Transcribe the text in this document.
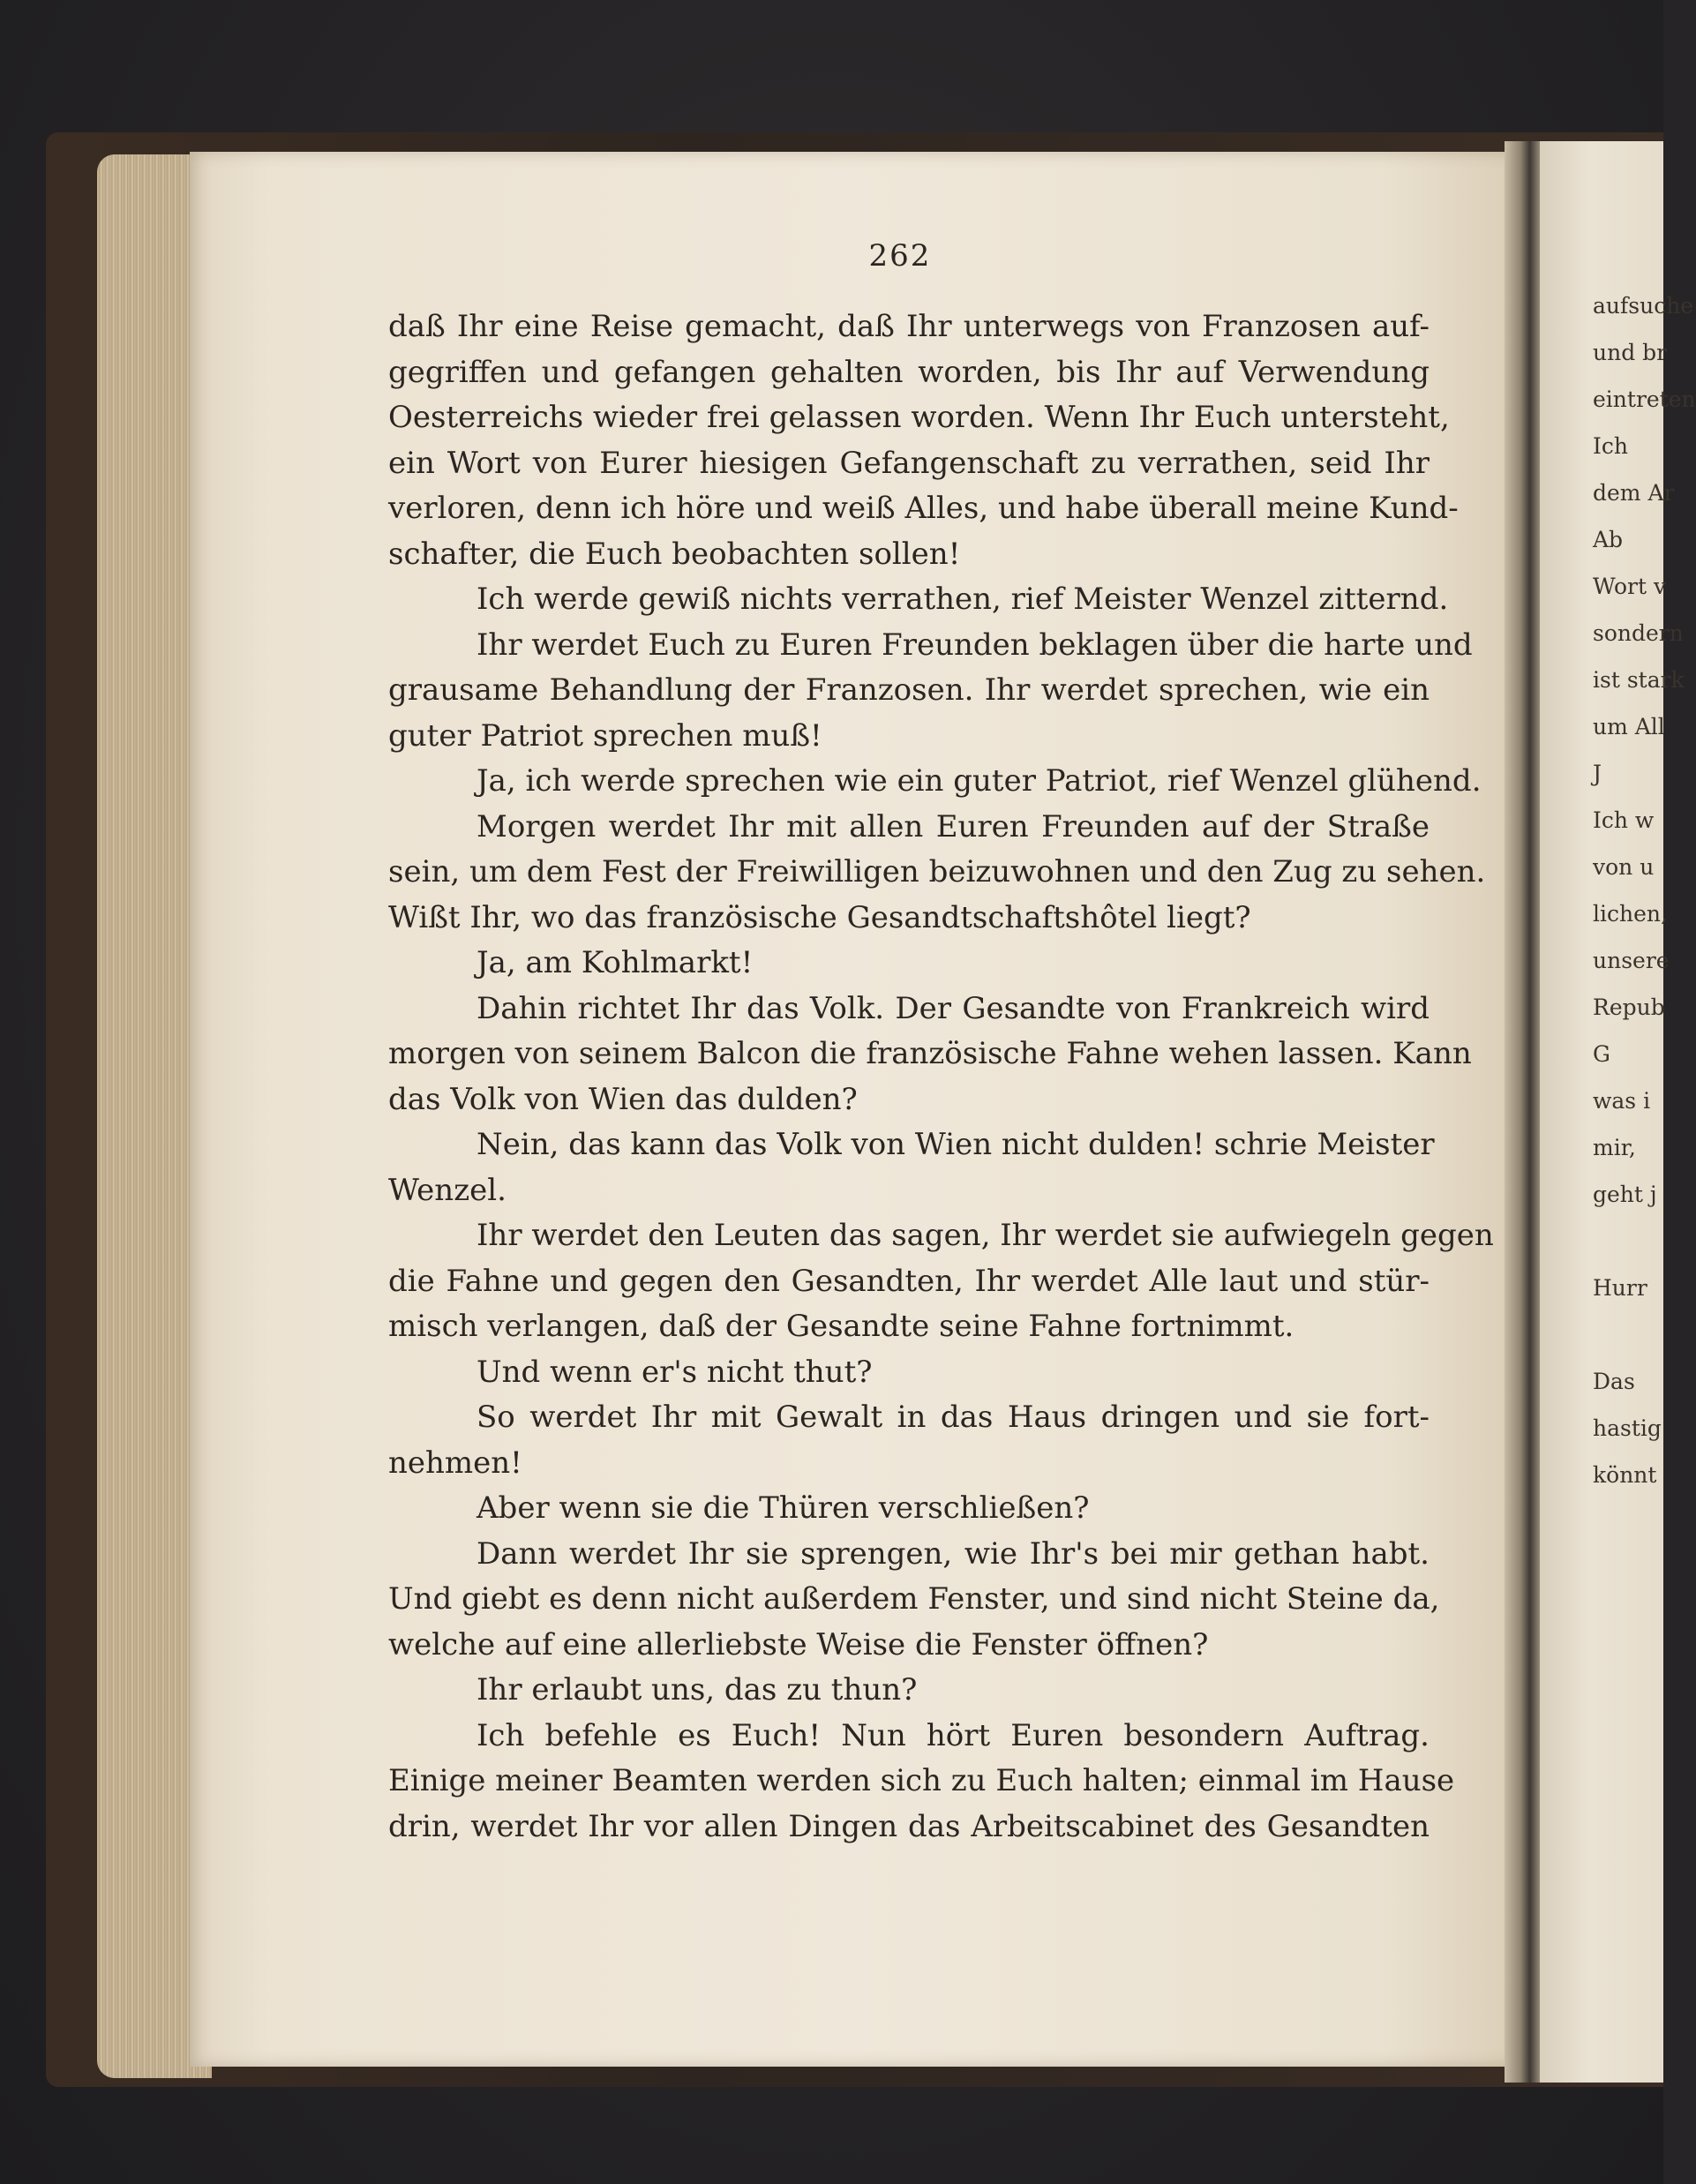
262
daß Ihr eine Reise gemacht, daß Ihr unterwegs von Franzosen auf-
gegriffen und gefangen gehalten worden, bis Ihr auf Verwendung
Oesterreichs wieder frei gelassen worden. Wenn Ihr Euch untersteht,
ein Wort von Eurer hiesigen Gefangenschaft zu verrathen, seid Ihr
verloren, denn ich höre und weiß Alles, und habe überall meine Kund-
schafter, die Euch beobachten sollen!
Ich werde gewiß nichts verrathen, rief Meister Wenzel zitternd.
Ihr werdet Euch zu Euren Freunden beklagen über die harte und
grausame Behandlung der Franzosen. Ihr werdet sprechen, wie ein
guter Patriot sprechen muß!
Ja, ich werde sprechen wie ein guter Patriot, rief Wenzel glühend.
Morgen werdet Ihr mit allen Euren Freunden auf der Straße
sein, um dem Fest der Freiwilligen beizuwohnen und den Zug zu sehen.
Wißt Ihr, wo das französische Gesandtschaftshôtel liegt?
Ja, am Kohlmarkt!
Dahin richtet Ihr das Volk. Der Gesandte von Frankreich wird
morgen von seinem Balcon die französische Fahne wehen lassen. Kann
das Volk von Wien das dulden?
Nein, das kann das Volk von Wien nicht dulden! schrie Meister
Wenzel.
Ihr werdet den Leuten das sagen, Ihr werdet sie aufwiegeln gegen
die Fahne und gegen den Gesandten, Ihr werdet Alle laut und stür-
misch verlangen, daß der Gesandte seine Fahne fortnimmt.
Und wenn er's nicht thut?
So werdet Ihr mit Gewalt in das Haus dringen und sie fort-
nehmen!
Aber wenn sie die Thüren verschließen?
Dann werdet Ihr sie sprengen, wie Ihr's bei mir gethan habt.
Und giebt es denn nicht außerdem Fenster, und sind nicht Steine da,
welche auf eine allerliebste Weise die Fenster öffnen?
Ihr erlaubt uns, das zu thun?
Ich befehle es Euch! Nun hört Euren besondern Auftrag.
Einige meiner Beamten werden sich zu Euch halten; einmal im Hause
drin, werdet Ihr vor allen Dingen das Arbeitscabinet des Gesandten
aufsuche
und br
eintreten
Ich
dem Ar
Ab
Wort v
sondern
ist stark
um All
J
Ich w
von u
lichen,
unsere
Repub
G
was i
mir,
geht j

Hurr

Das
hastig
könnt
